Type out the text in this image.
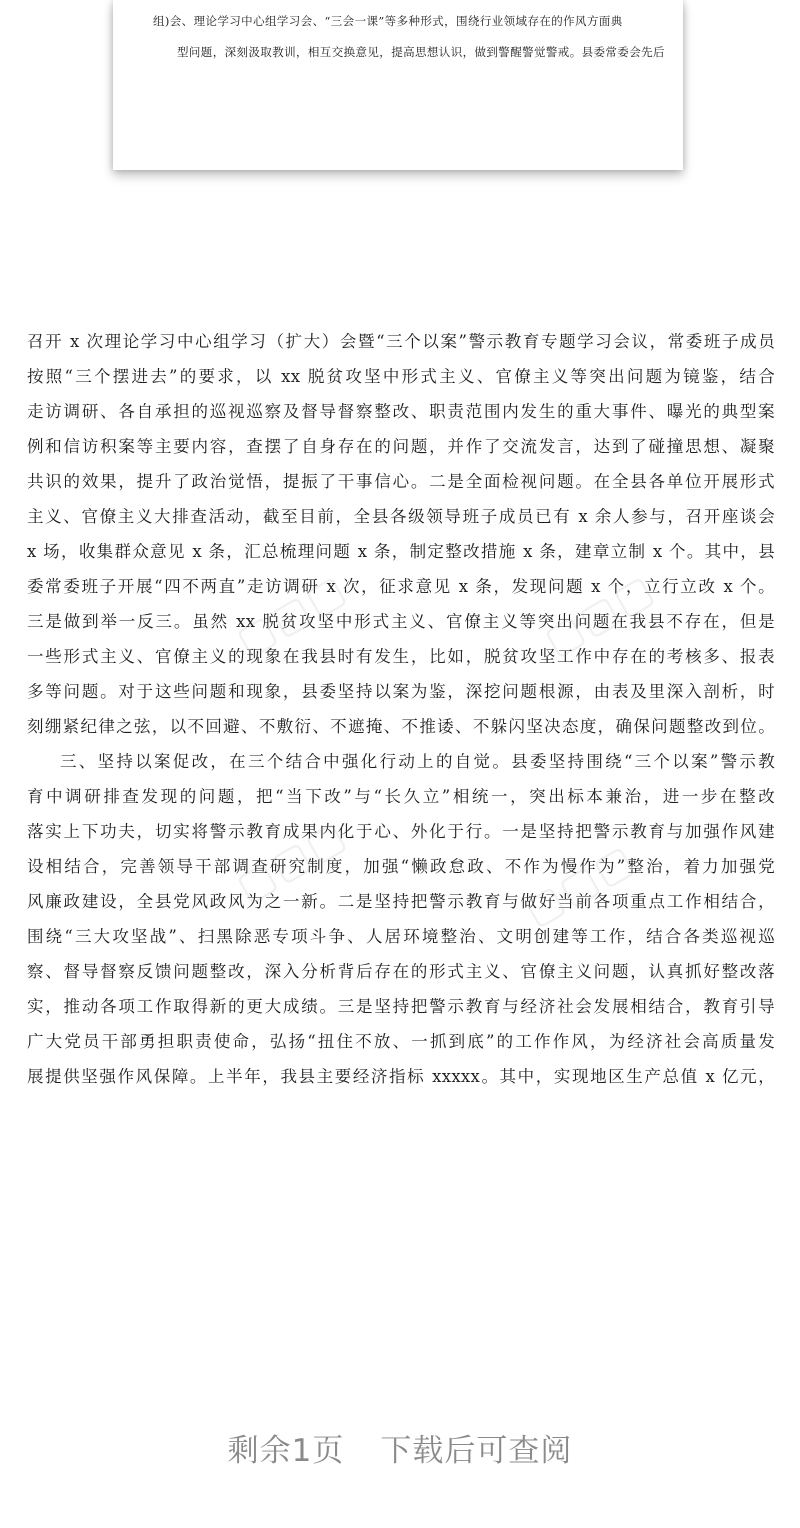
组)会、理论学习中心组学习会、“三会一课”等多种形式，围绕行业领域存在的作风方面典
型问题，深刻汲取教训，相互交换意见，提高思想认识，做到警醒警觉警戒。县委常委会先后
召开 x 次理论学习中心组学习（扩大）会暨“三个以案”警示教育专题学习会议，常委班子成员
按照“三个摆进去”的要求，以 xx 脱贫攻坚中形式主义、官僚主义等突出问题为镜鉴，结合
走访调研、各自承担的巡视巡察及督导督察整改、职责范围内发生的重大事件、曝光的典型案
例和信访积案等主要内容，查摆了自身存在的问题，并作了交流发言，达到了碰撞思想、凝聚
共识的效果，提升了政治觉悟，提振了干事信心。二是全面检视问题。在全县各单位开展形式
主义、官僚主义大排查活动，截至目前，全县各级领导班子成员已有 x 余人参与，召开座谈会
x 场，收集群众意见 x 条，汇总梳理问题 x 条，制定整改措施 x 条，建章立制 x 个。其中，县
委常委班子开展“四不两直”走访调研 x 次，征求意见 x 条，发现问题 x 个，立行立改 x 个。
三是做到举一反三。虽然 xx 脱贫攻坚中形式主义、官僚主义等突出问题在我县不存在，但是
一些形式主义、官僚主义的现象在我县时有发生，比如，脱贫攻坚工作中存在的考核多、报表
多等问题。对于这些问题和现象，县委坚持以案为鉴，深挖问题根源，由表及里深入剖析，时
刻绷紧纪律之弦，以不回避、不敷衍、不遮掩、不推诿、不躲闪坚决态度，确保问题整改到位。
三、坚持以案促改，在三个结合中强化行动上的自觉。县委坚持围绕“三个以案”警示教
育中调研排查发现的问题，把“当下改”与“长久立”相统一，突出标本兼治，进一步在整改
落实上下功夫，切实将警示教育成果内化于心、外化于行。一是坚持把警示教育与加强作风建
设相结合，完善领导干部调查研究制度，加强“懒政怠政、不作为慢作为”整治，着力加强党
风廉政建设，全县党风政风为之一新。二是坚持把警示教育与做好当前各项重点工作相结合，
围绕“三大攻坚战”、扫黑除恶专项斗争、人居环境整治、文明创建等工作，结合各类巡视巡
察、督导督察反馈问题整改，深入分析背后存在的形式主义、官僚主义问题，认真抓好整改落
实，推动各项工作取得新的更大成绩。三是坚持把警示教育与经济社会发展相结合，教育引导
广大党员干部勇担职责使命，弘扬“扭住不放、一抓到底”的工作作风，为经济社会高质量发
展提供坚强作风保障。上半年，我县主要经济指标 xxxxx。其中，实现地区生产总值 x 亿元，
▢▢▢	▢▢▢
▢▢▢	▢▢▢
剩余1页 下载后可查阅
